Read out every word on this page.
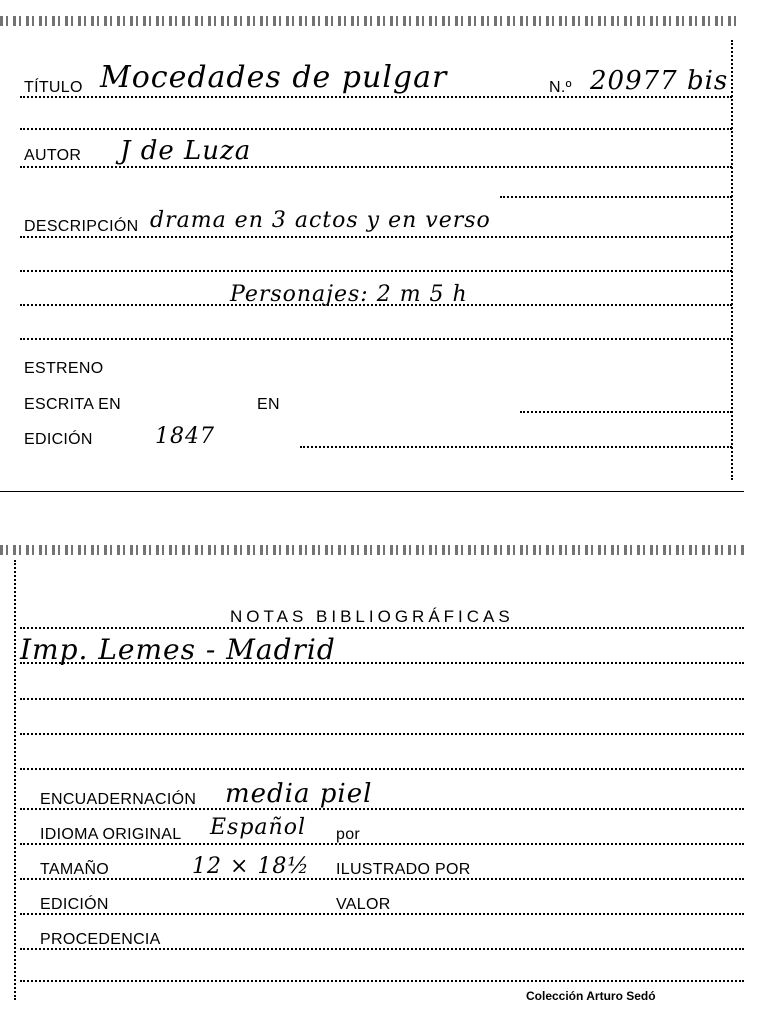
TÍTULO Mocedades de pulgar	N.º 20977 bis
AUTOR J de Luza
DESCRIPCIÓN drama en 3 actos y en verso
Personajes: 2 m 5 h
ESTRENO
ESCRITA EN	EN
EDICIÓN	1847
NOTAS BIBLIOGRÁFICAS
Imp. Lemes - Madrid
ENCUADERNACIÓN media piel
IDIOMA ORIGINAL Español por
TAMAÑO	12 × 18½ ILUSTRADO POR
EDICIÓN	VALOR
PROCEDENCIA
Colección Arturo Sedó
